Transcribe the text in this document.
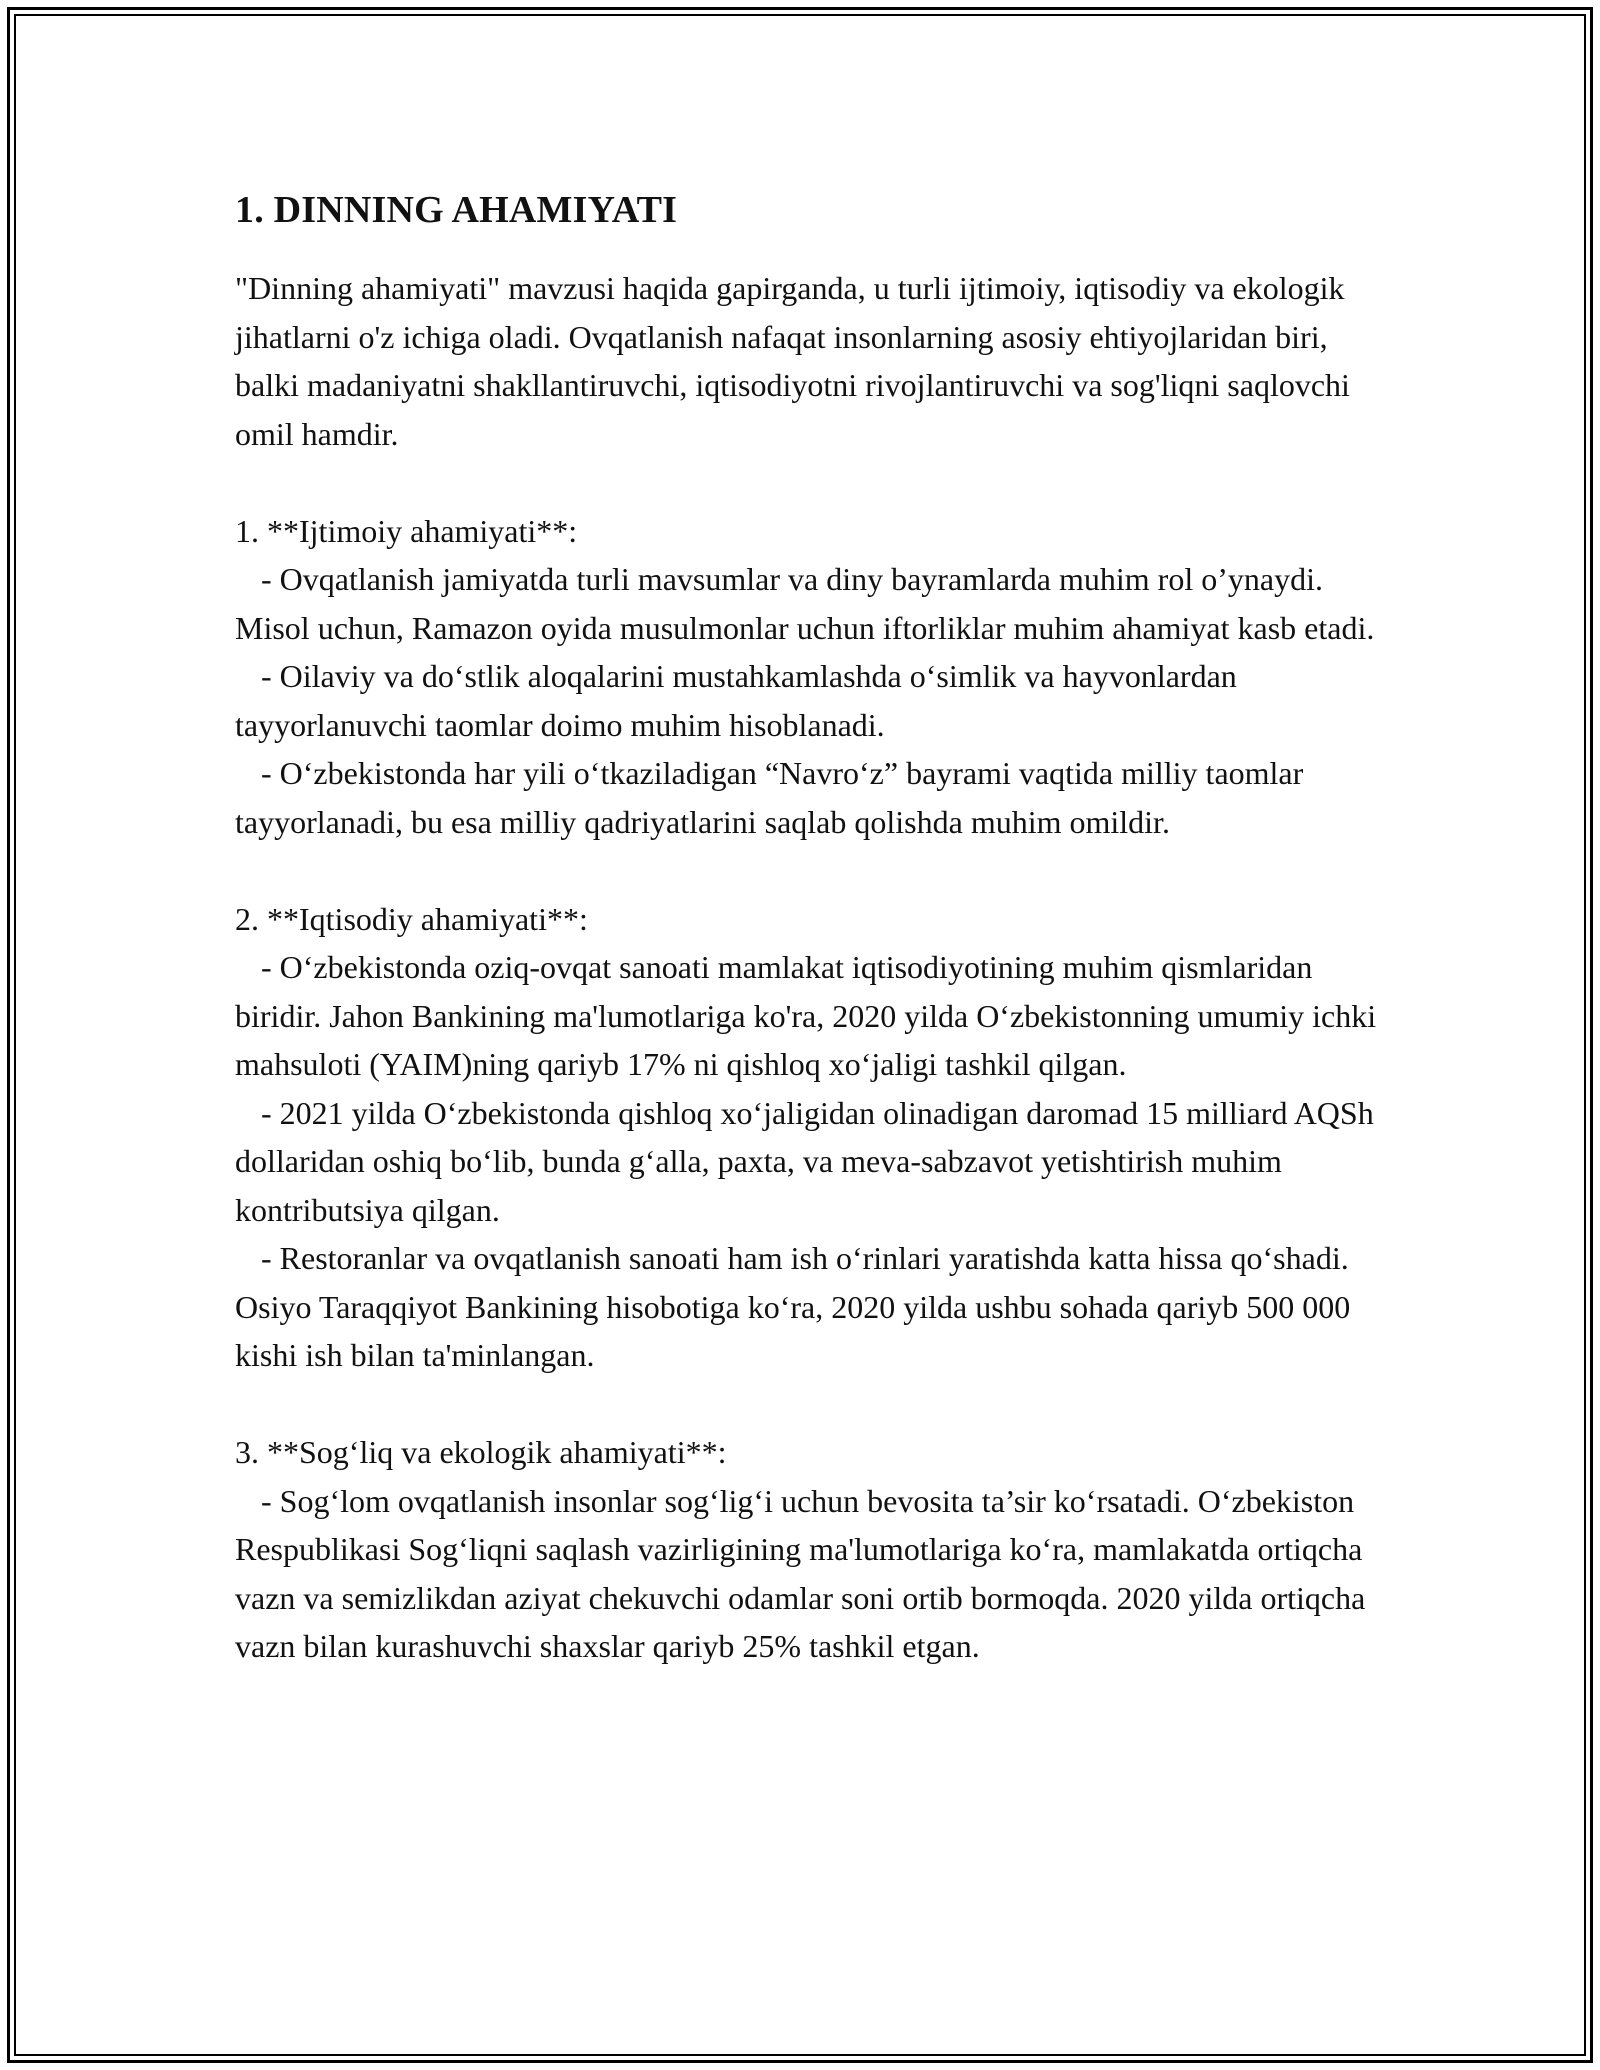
1. DINNING AHAMIYATI

"Dinning ahamiyati" mavzusi haqida gapirganda, u turli ijtimoiy, iqtisodiy va ekologik jihatlarni o'z ichiga oladi. Ovqatlanish nafaqat insonlarning asosiy ehtiyojlaridan biri, balki madaniyatni shakllantiruvchi, iqtisodiyotni rivojlantiruvchi va sog'liqni saqlovchi omil hamdir.

1. **Ijtimoiy ahamiyati**:

- Ovqatlanish jamiyatda turli mavsumlar va diny bayramlarda muhim rol o’ynaydi. Misol uchun, Ramazon oyida musulmonlar uchun iftorliklar muhim ahamiyat kasb etadi.

- Oilaviy va do‘stlik aloqalarini mustahkamlashda o‘simlik va hayvonlardan tayyorlanuvchi taomlar doimo muhim hisoblanadi.

- O‘zbekistonda har yili o‘tkaziladigan “Navro‘z” bayrami vaqtida milliy taomlar tayyorlanadi, bu esa milliy qadriyatlarini saqlab qolishda muhim omildir.

2. **Iqtisodiy ahamiyati**:

- O‘zbekistonda oziq-ovqat sanoati mamlakat iqtisodiyotining muhim qismlaridan biridir. Jahon Bankining ma'lumotlariga ko'ra, 2020 yilda O‘zbekistonning umumiy ichki mahsuloti (YAIM)ning qariyb 17% ni qishloq xo‘jaligi tashkil qilgan.

- 2021 yilda O‘zbekistonda qishloq xo‘jaligidan olinadigan daromad 15 milliard AQSh dollaridan oshiq bo‘lib, bunda g‘alla, paxta, va meva-sabzavot yetishtirish muhim kontributsiya qilgan.

- Restoranlar va ovqatlanish sanoati ham ish o‘rinlari yaratishda katta hissa qo‘shadi. Osiyo Taraqqiyot Bankining hisobotiga ko‘ra, 2020 yilda ushbu sohada qariyb 500 000 kishi ish bilan ta'minlangan.

3. **Sog‘liq va ekologik ahamiyati**:

- Sog‘lom ovqatlanish insonlar sog‘lig‘i uchun bevosita ta’sir ko‘rsatadi. O‘zbekiston Respublikasi Sog‘liqni saqlash vazirligining ma'lumotlariga ko‘ra, mamlakatda ortiqcha vazn va semizlikdan aziyat chekuvchi odamlar soni ortib bormoqda. 2020 yilda ortiqcha vazn bilan kurashuvchi shaxslar qariyb 25% tashkil etgan.
